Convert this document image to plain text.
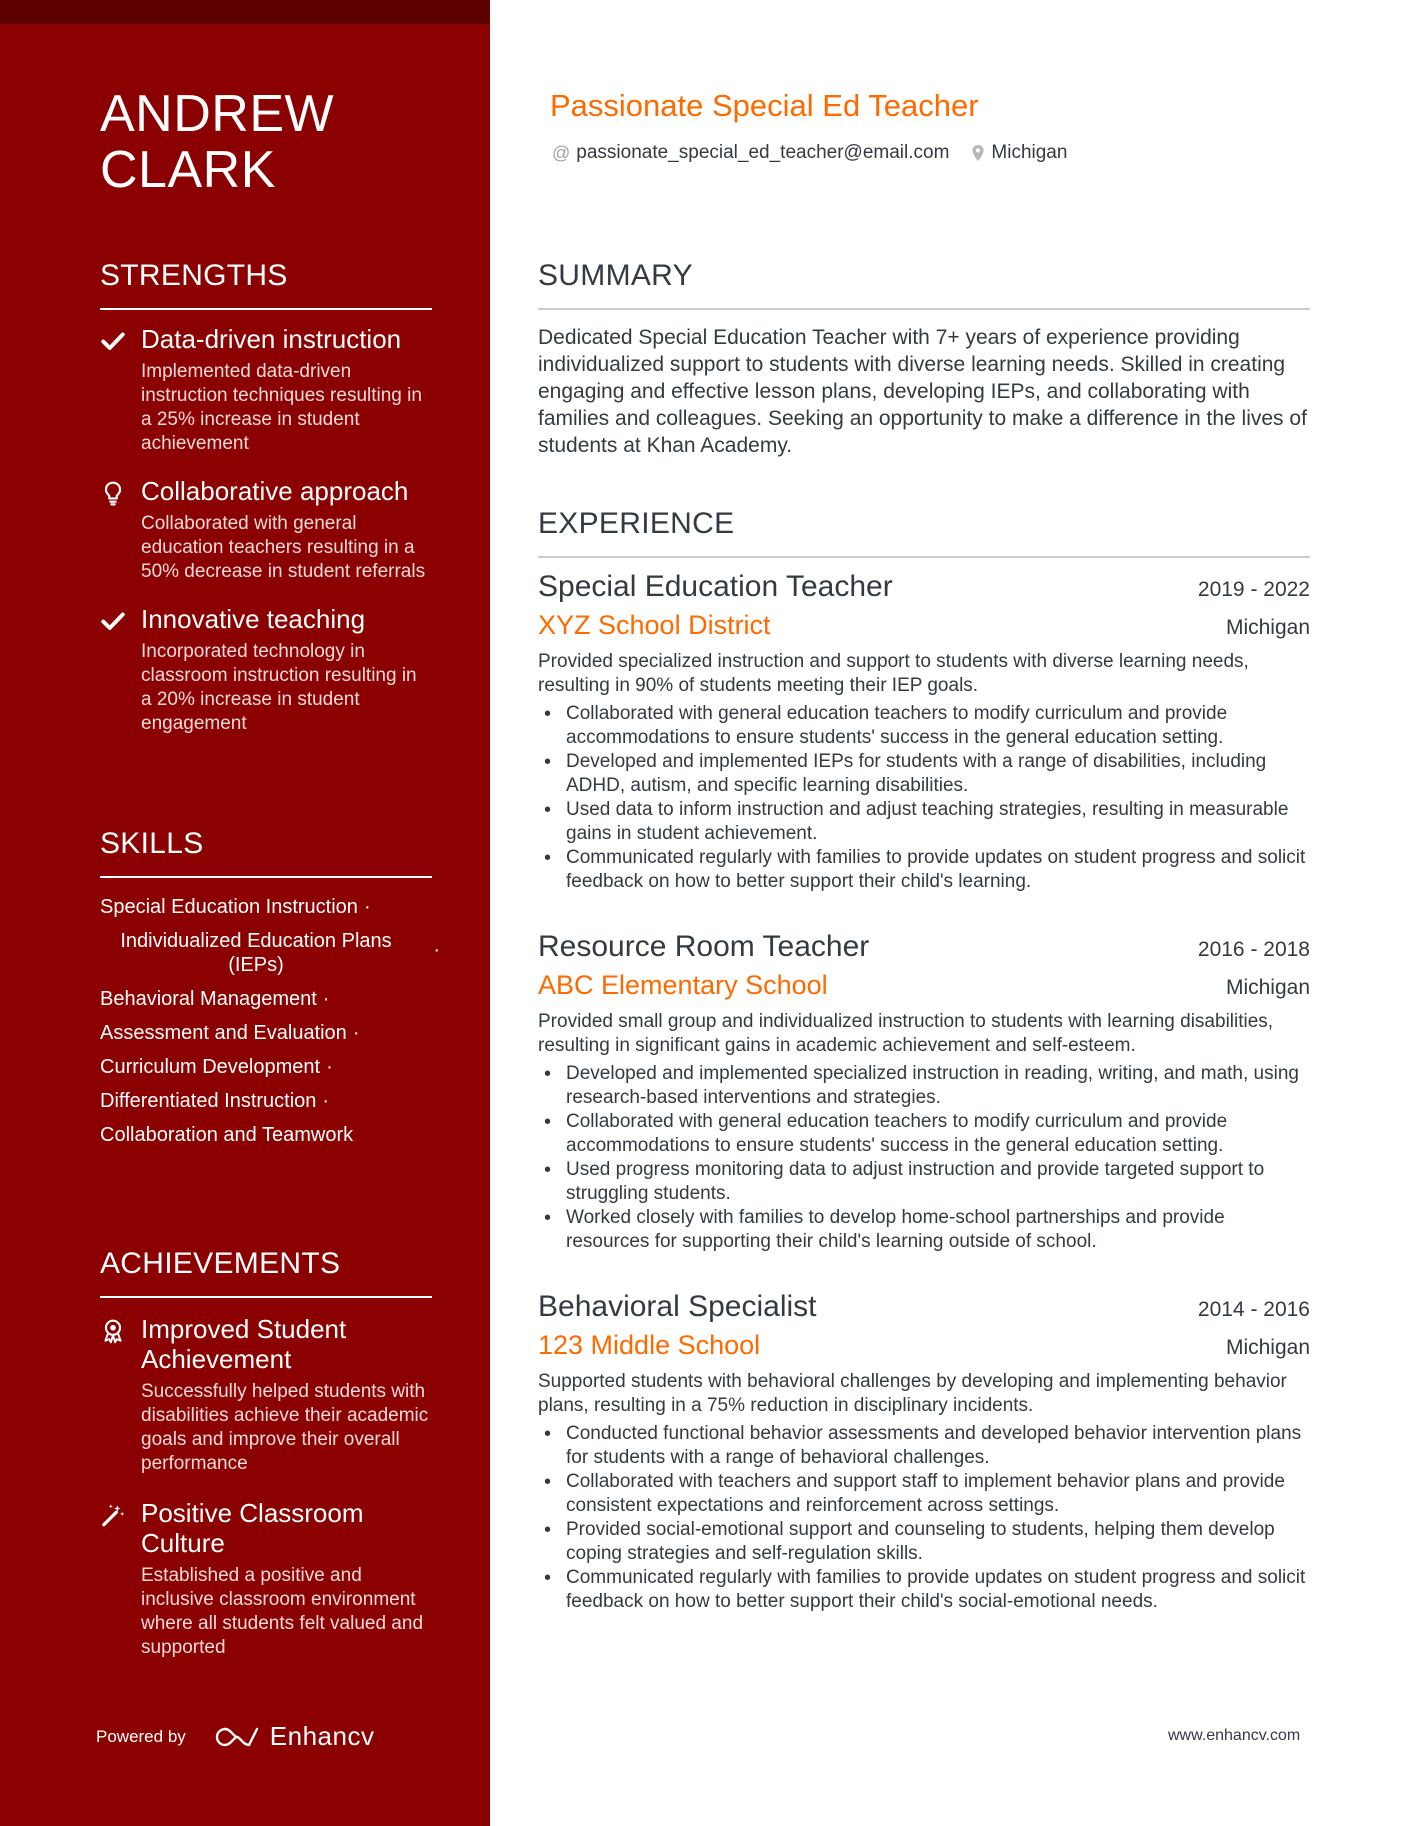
ANDREW
CLARK
STRENGTHS
Data-driven instruction
Implemented data-driven instruction techniques resulting in a 25% increase in student achievement
Collaborative approach
Collaborated with general education teachers resulting in a 50% decrease in student referrals
Innovative teaching
Incorporated technology in classroom instruction resulting in a 20% increase in student engagement
SKILLS
Special Education Instruction ·
Individualized Education Plans (IEPs)
·
Behavioral Management ·
Assessment and Evaluation ·
Curriculum Development ·
Differentiated Instruction ·
Collaboration and Teamwork
ACHIEVEMENTS
Improved Student Achievement
Successfully helped students with disabilities achieve their academic goals and improve their overall performance
Positive Classroom Culture
Established a positive and inclusive classroom environment where all students felt valued and supported
Powered by	Enhancv
Passionate Special Ed Teacher
@ passionate_special_ed_teacher@email.com Michigan
SUMMARY
Dedicated Special Education Teacher with 7+ years of experience providing individualized support to students with diverse learning needs. Skilled in creating engaging and effective lesson plans, developing IEPs, and collaborating with families and colleagues. Seeking an opportunity to make a difference in the lives of students at Khan Academy.
EXPERIENCE
Special Education Teacher	2019 - 2022
XYZ School District	Michigan
Provided specialized instruction and support to students with diverse learning needs, resulting in 90% of students meeting their IEP goals.
• Collaborated with general education teachers to modify curriculum and provide accommodations to ensure students' success in the general education setting.
• Developed and implemented IEPs for students with a range of disabilities, including ADHD, autism, and specific learning disabilities.
• Used data to inform instruction and adjust teaching strategies, resulting in measurable gains in student achievement.
• Communicated regularly with families to provide updates on student progress and solicit feedback on how to better support their child's learning.
Resource Room Teacher	2016 - 2018
ABC Elementary School	Michigan
Provided small group and individualized instruction to students with learning disabilities, resulting in significant gains in academic achievement and self-esteem.
• Developed and implemented specialized instruction in reading, writing, and math, using research-based interventions and strategies.
• Collaborated with general education teachers to modify curriculum and provide accommodations to ensure students' success in the general education setting.
• Used progress monitoring data to adjust instruction and provide targeted support to struggling students.
• Worked closely with families to develop home-school partnerships and provide resources for supporting their child's learning outside of school.
Behavioral Specialist	2014 - 2016
123 Middle School	Michigan
Supported students with behavioral challenges by developing and implementing behavior plans, resulting in a 75% reduction in disciplinary incidents.
• Conducted functional behavior assessments and developed behavior intervention plans for students with a range of behavioral challenges.
• Collaborated with teachers and support staff to implement behavior plans and provide consistent expectations and reinforcement across settings.
• Provided social-emotional support and counseling to students, helping them develop coping strategies and self-regulation skills.
• Communicated regularly with families to provide updates on student progress and solicit feedback on how to better support their child's social-emotional needs.
www.enhancv.com
